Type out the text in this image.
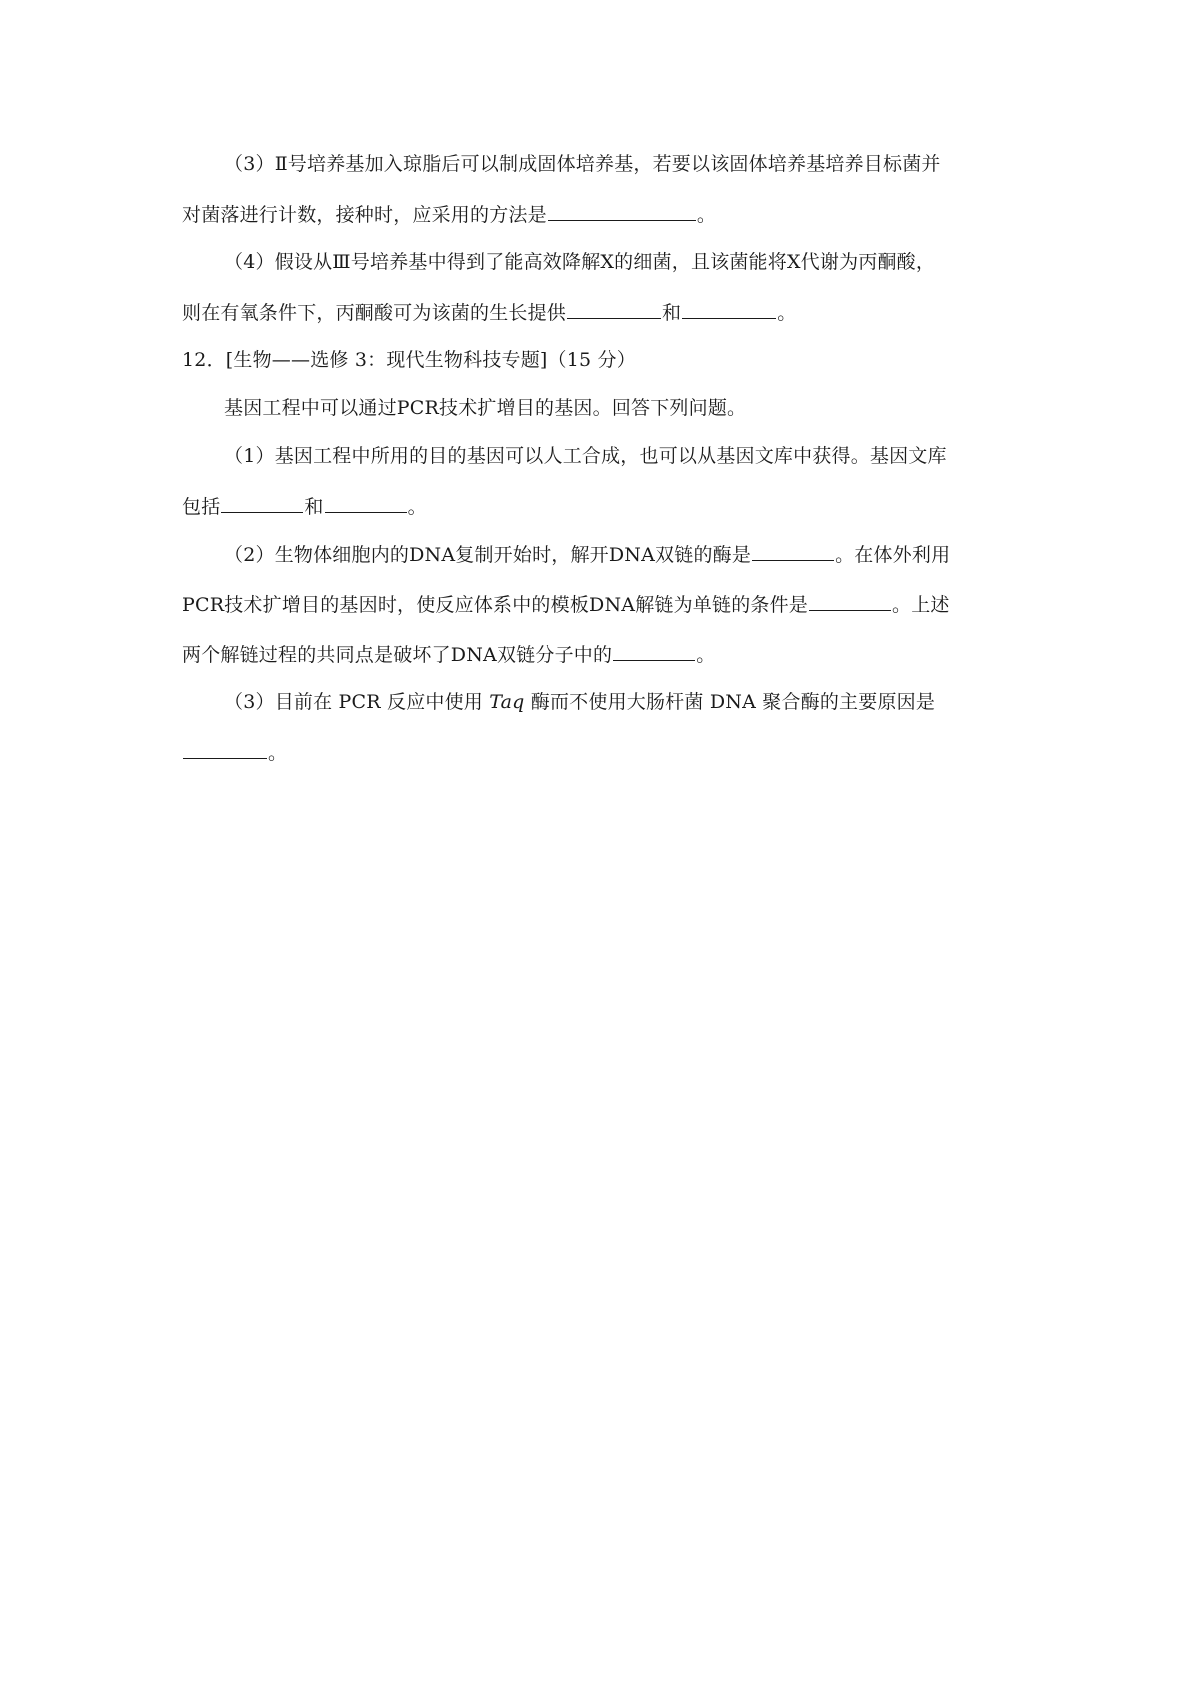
（3）Ⅱ号培养基加入琼脂后可以制成固体培养基，若要以该固体培养基培养目标菌并
对菌落进行计数，接种时，应采用的方法是	。
（4）假设从Ⅲ号培养基中得到了能高效降解X的细菌，且该菌能将X代谢为丙酮酸，
则在有氧条件下，丙酮酸可为该菌的生长提供	和	。
12．[生物——选修 3：现代生物科技专题]（15 分）
基因工程中可以通过PCR技术扩增目的基因。回答下列问题。
（1）基因工程中所用的目的基因可以人工合成，也可以从基因文库中获得。基因文库
包括	和	。
（2）生物体细胞内的DNA复制开始时，解开DNA双链的酶是	。在体外利用
PCR技术扩增目的基因时，使反应体系中的模板DNA解链为单链的条件是	。上述
两个解链过程的共同点是破坏了DNA双链分子中的	。
（3）目前在 PCR 反应中使用 Taq 酶而不使用大肠杆菌 DNA 聚合酶的主要原因是
。
